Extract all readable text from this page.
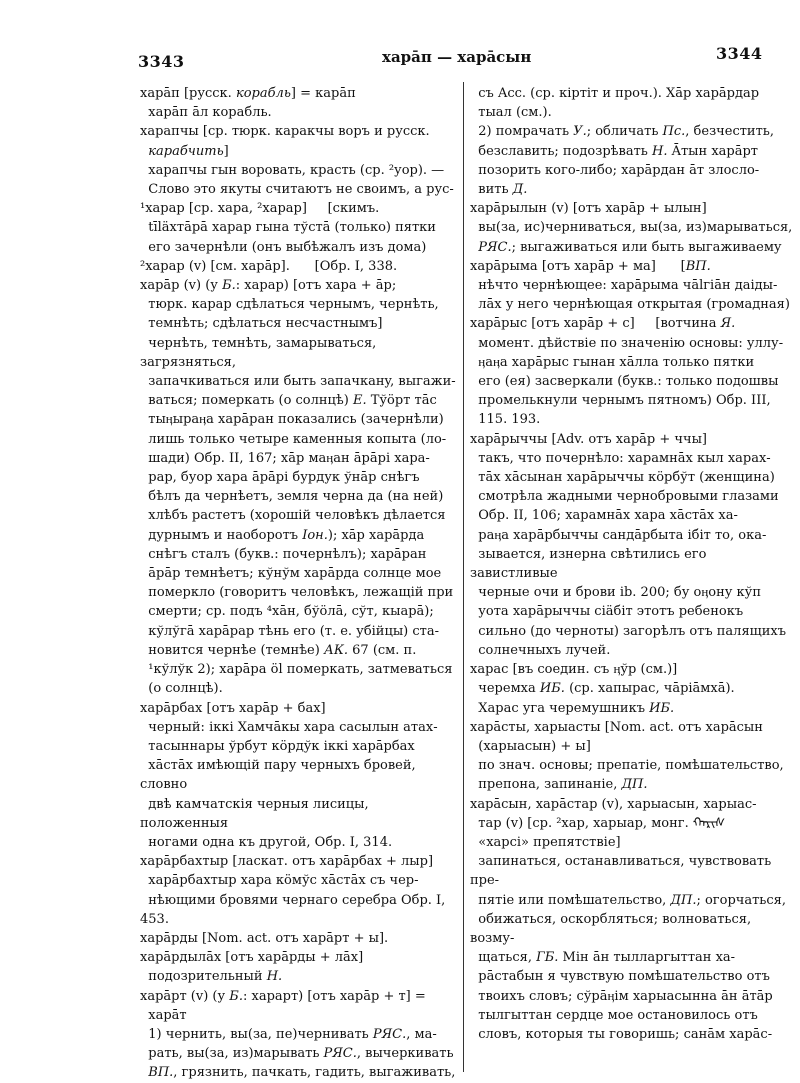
3343	харāп — харāсын	3344

харāп [русск. корабль] = карāп
харāп āл корабль.
харапчы [ср. тюрк. каракчы воръ и русск.
карабчить]
харапчы гын воровать, красть (ср. ²уор). —
Слово это якуты считаютъ не своимъ, а рус-
¹харар [ср. хара, ²харар]     [скимъ.
tīläхтāрā харар гына тўстā (только) пятки
его зачернѣли (онъ выбѣжалъ изъ дома)
²харар (v) [см. харāр].      [Обр. I, 338.
харāр (v) (у Б.: харар) [отъ хара + āр;
тюрк. карар сдѣлаться чернымъ, чернѣть,
темнѣть; сдѣлаться несчастнымъ]
чернѣть, темнѣть, замарываться, загрязняться,
запачкиваться или быть запачканy, выгажи-
ваться; померкать (о солнцѣ) Е. Тўöрт тāс
тыӊыраӊа харāран показались (зачернѣли)
лишь только четыре каменныя копыта (ло-
шади) Обр. II, 167; хāр маӊан āрāрі хара-
рар, буор хара āрāрі бурдук ўнāр снѣгъ
бѣлъ да чернѣетъ, земля черна да (на ней)
хлѣбъ растетъ (хорошій человѣкъ дѣлается
дурнымъ и наоборотъ Іон.); хāр харāрда
снѣгъ сталъ (букв.: почернѣлъ); харāран
āрāр темнѣетъ; кўнўм харāрда солнце мое
померкло (говоритъ человѣкъ, лежащій при
смерти; ср. подъ ⁴хāн, бўöлā, сўт, кыарā);
кўлўгā харāрар тѣнь его (т. е. убійцы) ста-
новится чернѣе (темнѣе) АК. 67 (см. п.
¹кўлўк 2); харāра öl померкать, затмеваться
(о солнцѣ).
харāрбах [отъ харāр + бах]
черный: іккі Хамчāкы хара сасылын атах-
тасыннары ўрбут кöрдўк іккі харāрбах
хāстāх имѣющій пару черныхъ бровей, словно
двѣ камчатскія черныя лисицы, положенныя
ногами одна къ другой, Обр. I, 314.
харāрбахтыр [ласкат. отъ харāрбах + лыр]
харāрбахтыр хара кöмўс хāстāх съ чер-
нѣющими бровями чернаго серебра Обр. I, 453.
харāрды [Nom. act. отъ харāрт + ы].
харāрдылāх [отъ харāрды + лāх]
подозрительный Н.
харāрт (v) (у Б.: харарт) [отъ харāр + т] =
харāт
1) чернить, вы(за, пе)чернивать РЯС., ма-
рать, вы(за, из)марывать РЯС., вычеркивать
ВП., грязнить, пачкать, гадить, выгаживать,

съ Acc. (ср. кіртіт и проч.). Хāр харāрдар
тыал (см.).
2) помрачать У.; обличать Пс., безчестить,
безславить; подозрѣвать Н. Āтын харāрт
позорить кого-либо; харāрдан āт злосло-
вить Д.
харāрылын (v) [отъ харāр + ылын]
вы(за, ис)черниваться, вы(за, из)марываться,
РЯС.; выгаживаться или быть выгаживаему
харāрыма [отъ харāр + ма]      [ВП.
нѣчто чернѣющее: харāрыма чālгiāн даiды-
лāх у него чернѣющая открытая (громадная)
харāрыс [отъ харāр + с]     [вотчина Я.
момент. дѣйствіе по значенію основы: уллу-
ӊаӊа харāрыс гынан хāлла только пятки
его (ея) засверкали (букв.: только подошвы
промелькнули чернымъ пятномъ) Обр. III,
115. 193.
харāрыччы [Adv. отъ харāр + ччы]
такъ, что почернѣло: харамнāх кыл харах-
тāх хāсынан харāрыччы кöрбўт (женщина)
смотрѣла жадными чернобровыми глазами
Обр. II, 106; харамнāх хара хāстāх ха-
раӊа харāрбыччы сандāрбыта іб́іт то, ока-
зывается, изнерна свѣтились его завистливые
черные очи и брови ib. 200; бу оӊону кўп
уота харāрыччы сiäбiт этотъ ребенокъ
сильно (до черноты) загорѣлъ отъ палящихъ
солнечныхъ лучей.
харас [въ соедин. съ ӊўр (см.)]
черемха ИБ. (ср. хапырас, чāрiāмхā).
Харас уга черемушникъ ИБ.
харāсты, харыасты [Nom. act. отъ харāсын
(харыасын) + ы]
по знач. основы; препатіе, помѣшательство,
препона, запинаніе, ДП.
харāсын, харāстар (v), харыасын, харыас-
тар (v) [ср. ²хар, харыар, монг. ᠬᠠᠷᠢᠰ
«харсi» препятствіе]
запинаться, останавливаться, чувствовать пре-
пятіе или помѣшательство, ДП.; огорчаться,
обижаться, оскорбляться; волноваться, возму-
щаться, ГБ. Мiн āн тылларгыттан ха-
рāстабын я чувствую помѣшательство отъ
твоихъ словъ; сўрāӊiм харыасынна āн āтāр
тылгыттан сердце мое остановилось отъ
словъ, которыя ты говоришь; санāм харāс-
